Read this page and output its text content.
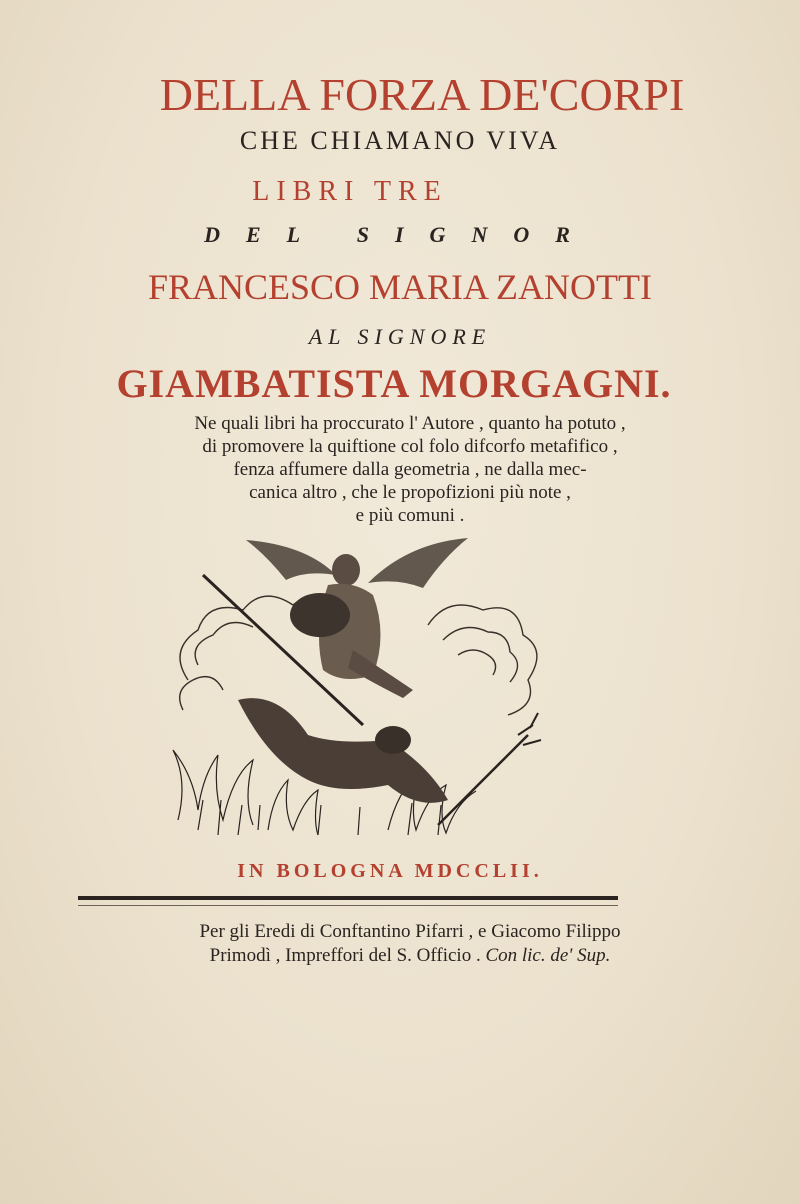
DELLA FORZA DE'CORPI
CHE CHIAMANO VIVA
LIBRI TRE
DEL SIGNOR
FRANCESCO MARIA ZANOTTI
AL SIGNORE
GIAMBATISTA MORGAGNI.
Ne quali libri ha proccurato l' Autore , quanto ha potuto ,
di promovere la quiftione col folo difcorfo metafifico ,
fenza affumere dalla geometria , ne dalla mec-
canica altro , che le propofizioni più note ,
e più comuni .
IN BOLOGNA MDCCLII.
Per gli Eredi di Conftantino Pifarri , e Giacomo Filippo
Primodì , Impreffori del S. Officio . Con lic. de' Sup.
